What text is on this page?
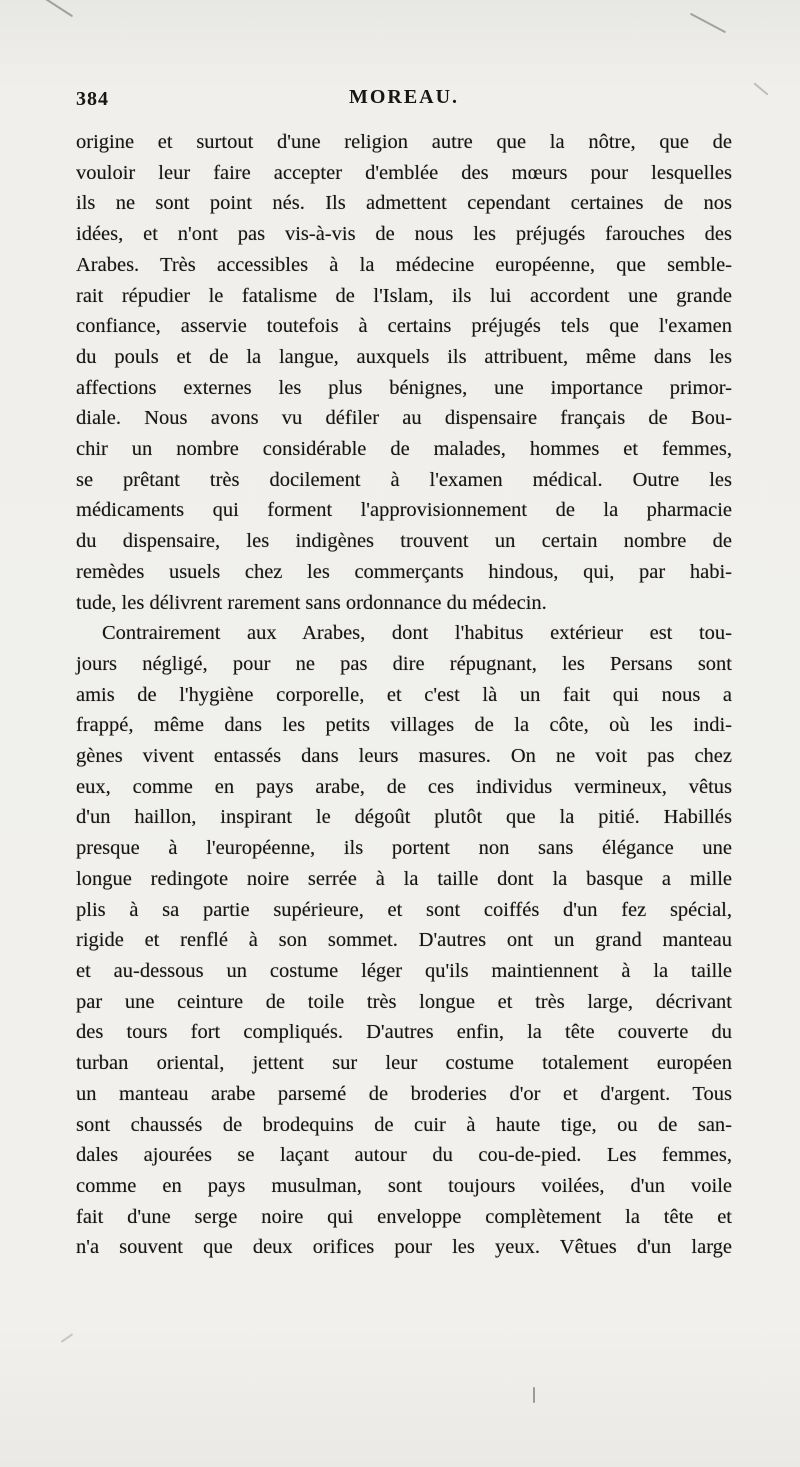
384	MOREAU.
origine et surtout d'une religion autre que la nôtre, que de
vouloir leur faire accepter d'emblée des mœurs pour lesquelles
ils ne sont point nés. Ils admettent cependant certaines de nos
idées, et n'ont pas vis-à-vis de nous les préjugés farouches des
Arabes. Très accessibles à la médecine européenne, que semble-
rait répudier le fatalisme de l'Islam, ils lui accordent une grande
confiance, asservie toutefois à certains préjugés tels que l'examen
du pouls et de la langue, auxquels ils attribuent, même dans les
affections externes les plus bénignes, une importance primor-
diale. Nous avons vu défiler au dispensaire français de Bou-
chir un nombre considérable de malades, hommes et femmes,
se prêtant très docilement à l'examen médical. Outre les
médicaments qui forment l'approvisionnement de la pharmacie
du dispensaire, les indigènes trouvent un certain nombre de
remèdes usuels chez les commerçants hindous, qui, par habi-
tude, les délivrent rarement sans ordonnance du médecin.
Contrairement aux Arabes, dont l'habitus extérieur est tou-
jours négligé, pour ne pas dire répugnant, les Persans sont
amis de l'hygiène corporelle, et c'est là un fait qui nous a
frappé, même dans les petits villages de la côte, où les indi-
gènes vivent entassés dans leurs masures. On ne voit pas chez
eux, comme en pays arabe, de ces individus vermineux, vêtus
d'un haillon, inspirant le dégoût plutôt que la pitié. Habillés
presque à l'européenne, ils portent non sans élégance une
longue redingote noire serrée à la taille dont la basque a mille
plis à sa partie supérieure, et sont coiffés d'un fez spécial,
rigide et renflé à son sommet. D'autres ont un grand manteau
et au-dessous un costume léger qu'ils maintiennent à la taille
par une ceinture de toile très longue et très large, décrivant
des tours fort compliqués. D'autres enfin, la tête couverte du
turban oriental, jettent sur leur costume totalement européen
un manteau arabe parsemé de broderies d'or et d'argent. Tous
sont chaussés de brodequins de cuir à haute tige, ou de san-
dales ajourées se laçant autour du cou-de-pied. Les femmes,
comme en pays musulman, sont toujours voilées, d'un voile
fait d'une serge noire qui enveloppe complètement la tête et
n'a souvent que deux orifices pour les yeux. Vêtues d'un large
